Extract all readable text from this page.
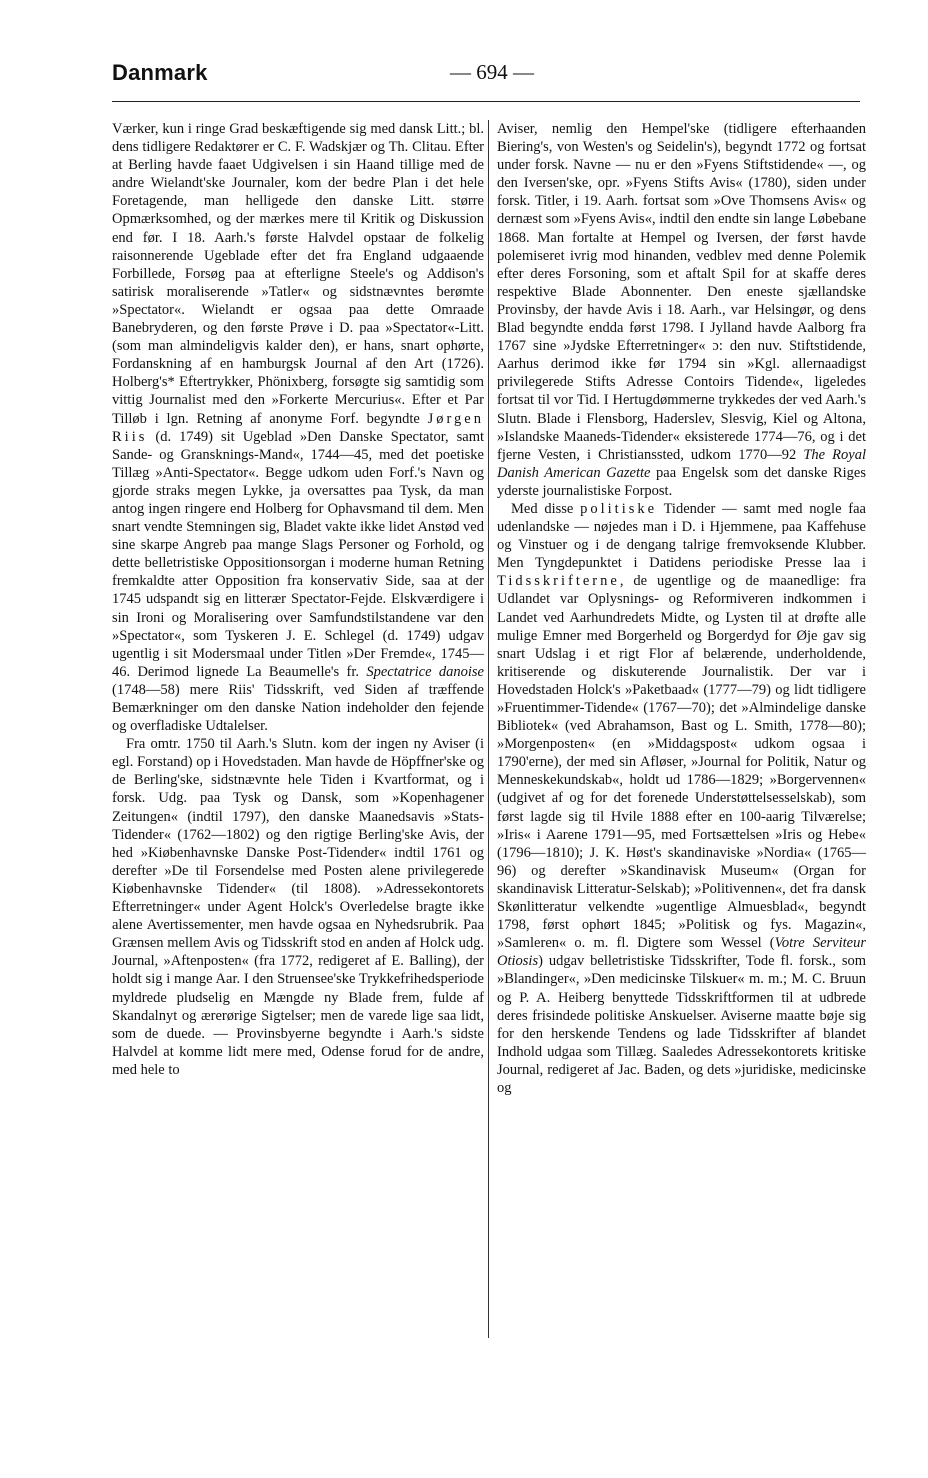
Danmark	— 694 —

Værker, kun i ringe Grad beskæftigende sig med dansk Litt.; bl. dens tidligere Redaktører er C. F. Wadskjær og Th. Clitau. Efter at Berling havde faaet Udgivelsen i sin Haand tillige med de andre Wielandt'ske Journaler, kom der bedre Plan i det hele Foretagende, man helligede den danske Litt. større Opmærksomhed, og der mærkes mere til Kritik og Diskussion end før. I 18. Aarh.'s første Halvdel opstaar de folkelig raisonnerende Ugeblade efter det fra England udgaaende Forbillede, Forsøg paa at efterligne Steele's og Addison's satirisk moraliserende »Tatler« og sidstnævntes berømte »Spectator«. Wielandt er ogsaa paa dette Omraade Banebryderen, og den første Prøve i D. paa »Spectator«-Litt. (som man almindeligvis kalder den), er hans, snart ophørte, Fordanskning af en hamburgsk Journal af den Art (1726). Holberg's* Eftertrykker, Phönixberg, forsøgte sig samtidig som vittig Journalist med den »Forkerte Mercurius«. Efter et Par Tilløb i lgn. Retning af anonyme Forf. begyndte Jørgen Riis (d. 1749) sit Ugeblad »Den Danske Spectator, samt Sande- og Gransknings-Mand«, 1744—45, med det poetiske Tillæg »Anti-Spectator«. Begge udkom uden Forf.'s Navn og gjorde straks megen Lykke, ja oversattes paa Tysk, da man antog ingen ringere end Holberg for Ophavsmand til dem. Men snart vendte Stemningen sig, Bladet vakte ikke lidet Anstød ved sine skarpe Angreb paa mange Slags Personer og Forhold, og dette belletristiske Oppositionsorgan i moderne human Retning fremkaldte atter Opposition fra konservativ Side, saa at der 1745 udspandt sig en litterær Spectator-Fejde. Elskværdigere i sin Ironi og Moralisering over Samfundstilstandene var den »Spectator«, som Tyskeren J. E. Schlegel (d. 1749) udgav ugentlig i sit Modersmaal under Titlen »Der Fremde«, 1745—46. Derimod lignede La Beaumelle's fr. Spectatrice danoise (1748—58) mere Riis' Tidsskrift, ved Siden af træffende Bemærkninger om den danske Nation indeholder den fejende og overfladiske Udtalelser.

Fra omtr. 1750 til Aarh.'s Slutn. kom der ingen ny Aviser (i egl. Forstand) op i Hovedstaden. Man havde de Höpffner'ske og de Berling'ske, sidstnævnte hele Tiden i Kvartformat, og i forsk. Udg. paa Tysk og Dansk, som »Kopenhagener Zeitungen« (indtil 1797), den danske Maanedsavis »Stats-Tidender« (1762—1802) og den rigtige Berling'ske Avis, der hed »Kiøbenhavnske Danske Post-Tidender« indtil 1761 og derefter »De til Forsendelse med Posten alene privilegerede Kiøbenhavnske Tidender« (til 1808). »Adressekontorets Efterretninger« under Agent Holck's Overledelse bragte ikke alene Avertissementer, men havde ogsaa en Nyhedsrubrik. Paa Grænsen mellem Avis og Tidsskrift stod en anden af Holck udg. Journal, »Aftenposten« (fra 1772, redigeret af E. Balling), der holdt sig i mange Aar. I den Struensee'ske Trykkefrihedsperiode myldrede pludselig en Mængde ny Blade frem, fulde af Skandalnyt og ærerørige Sigtelser; men de varede lige saa lidt, som de duede. — Provinsbyerne begyndte i Aarh.'s sidste Halvdel at komme lidt mere med, Odense forud for de andre, med hele to

Aviser, nemlig den Hempel'ske (tidligere efterhaanden Biering's, von Westen's og Seidelin's), begyndt 1772 og fortsat under forsk. Navne — nu er den »Fyens Stiftstidende« —, og den Iversen'ske, opr. »Fyens Stifts Avis« (1780), siden under forsk. Titler, i 19. Aarh. fortsat som »Ove Thomsens Avis« og dernæst som »Fyens Avis«, indtil den endte sin lange Løbebane 1868. Man fortalte at Hempel og Iversen, der først havde polemiseret ivrig mod hinanden, vedblev med denne Polemik efter deres Forsoning, som et aftalt Spil for at skaffe deres respektive Blade Abonnenter. Den eneste sjællandske Provinsby, der havde Avis i 18. Aarh., var Helsingør, og dens Blad begyndte endda først 1798. I Jylland havde Aalborg fra 1767 sine »Jydske Efterretninger« ɔ: den nuv. Stiftstidende, Aarhus derimod ikke før 1794 sin »Kgl. allernaadigst privilegerede Stifts Adresse Contoirs Tidende«, ligeledes fortsat til vor Tid. I Hertugdømmerne trykkedes der ved Aarh.'s Slutn. Blade i Flensborg, Haderslev, Slesvig, Kiel og Altona, »Islandske Maaneds-Tidender« eksisterede 1774—76, og i det fjerne Vesten, i Christianssted, udkom 1770—92 The Royal Danish American Gazette paa Engelsk som det danske Riges yderste journalistiske Forpost.

Med disse politiske Tidender — samt med nogle faa udenlandske — nøjedes man i D. i Hjemmene, paa Kaffehuse og Vinstuer og i de dengang talrige fremvoksende Klubber. Men Tyngdepunktet i Datidens periodiske Presse laa i Tidsskrifterne, de ugentlige og de maanedlige: fra Udlandet var Oplysnings- og Reformiveren indkommen i Landet ved Aarhundredets Midte, og Lysten til at drøfte alle mulige Emner med Borgerheld og Borgerdyd for Øje gav sig snart Udslag i et rigt Flor af belærende, underholdende, kritiserende og diskuterende Journalistik. Der var i Hovedstaden Holck's »Paketbaad« (1777—79) og lidt tidligere »Fruentimmer-Tidende« (1767—70); det »Almindelige danske Bibliotek« (ved Abrahamson, Bast og L. Smith, 1778—80); »Morgenposten« (en »Middagspost« udkom ogsaa i 1790'erne), der med sin Afløser, »Journal for Politik, Natur og Menneskekundskab«, holdt ud 1786—1829; »Borgervennen« (udgivet af og for det forenede Understøttelsesselskab), som først lagde sig til Hvile 1888 efter en 100-aarig Tilværelse; »Iris« i Aarene 1791—95, med Fortsættelsen »Iris og Hebe« (1796—1810); J. K. Høst's skandinaviske »Nordia« (1765—96) og derefter »Skandinavisk Museum« (Organ for skandinavisk Litteratur-Selskab); »Politivennen«, det fra dansk Skønlitteratur velkendte »ugentlige Almuesblad«, begyndt 1798, først ophørt 1845; »Politisk og fys. Magazin«, »Samleren« o. m. fl. Digtere som Wessel (Votre Serviteur Otiosis) udgav belletristiske Tidsskrifter, Tode fl. forsk., som »Blandinger«, »Den medicinske Tilskuer« m. m.; M. C. Bruun og P. A. Heiberg benyttede Tidsskriftformen til at udbrede deres frisindede politiske Anskuelser. Aviserne maatte bøje sig for den herskende Tendens og lade Tidsskrifter af blandet Indhold udgaa som Tillæg. Saaledes Adressekontorets kritiske Journal, redigeret af Jac. Baden, og dets »juridiske, medicinske og
